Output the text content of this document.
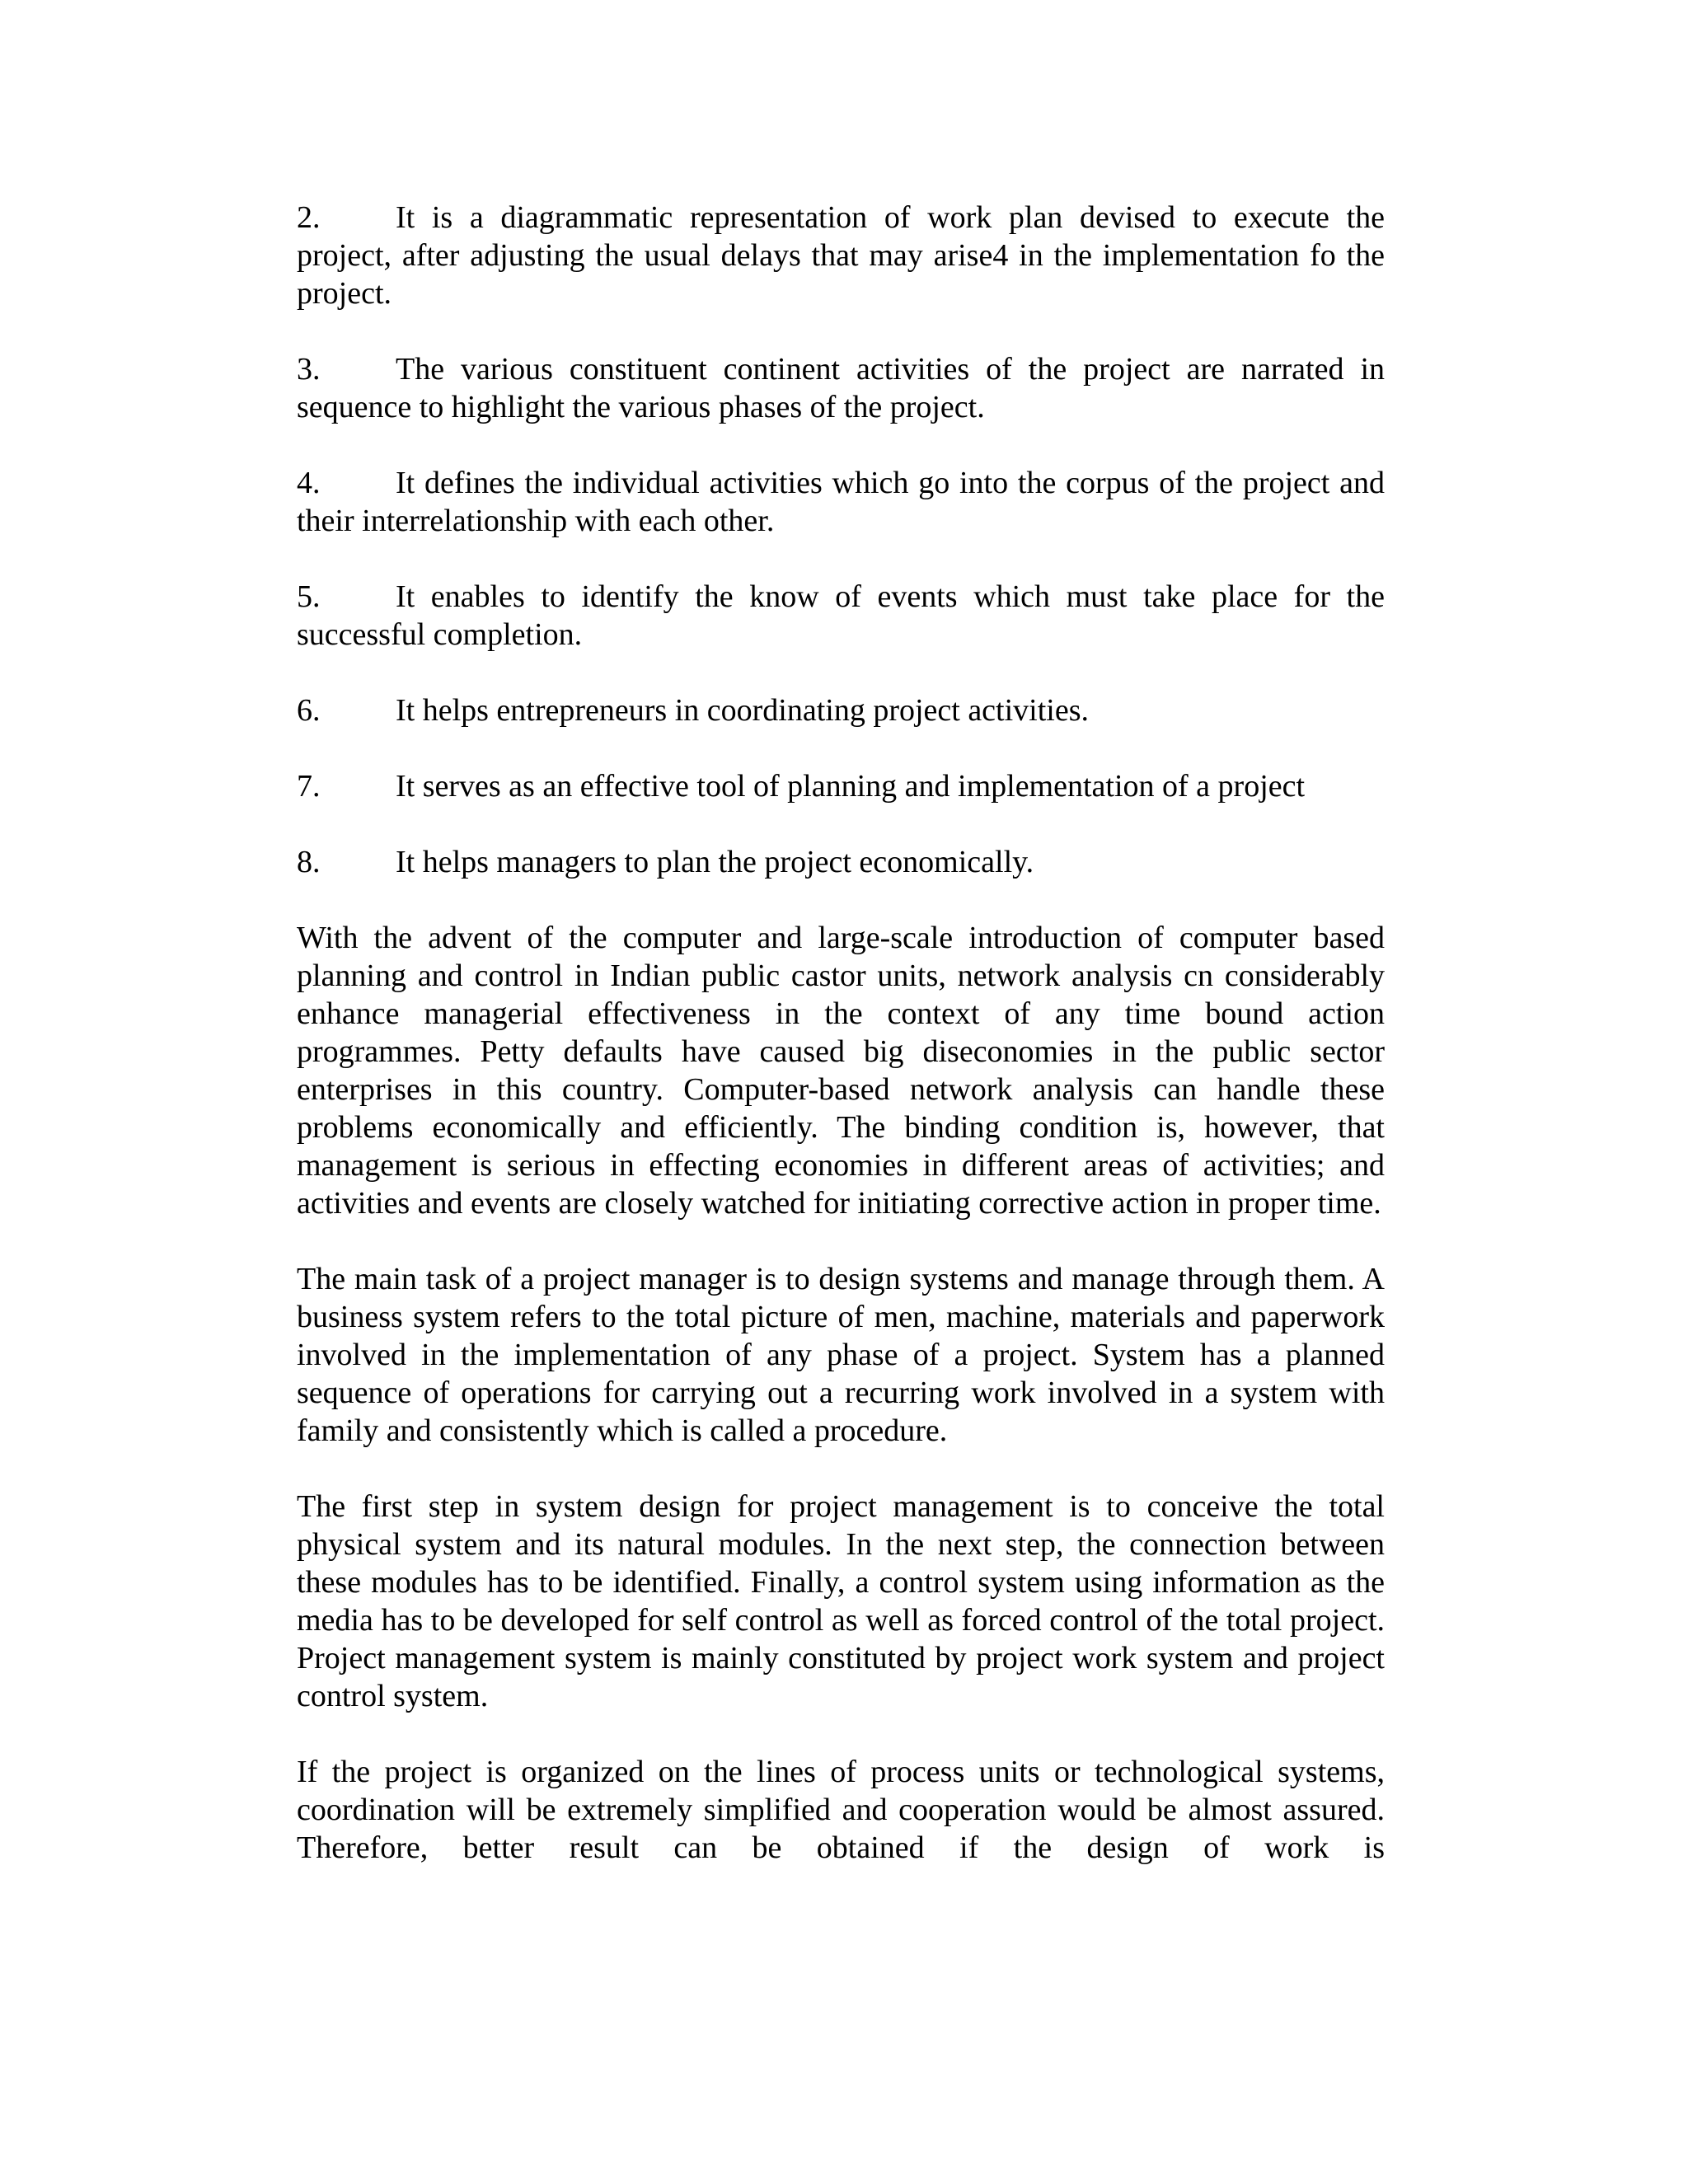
2. It is a diagrammatic representation of work plan devised to execute the project, after adjusting the usual delays that may arise4 in the implementation fo the project.
3. The various constituent continent activities of the project are narrated in sequence to highlight the various phases of the project.
4. It defines the individual activities which go into the corpus of the project and their interrelationship with each other.
5. It enables to identify the know of events which must take place for the successful completion.
6.	It helps entrepreneurs in coordinating project activities.
7.	It serves as an effective tool of planning and implementation of a project
8.	It helps managers to plan the project economically.

With the advent of the computer and large-scale introduction of computer based planning and control in Indian public castor units, network analysis cn considerably enhance managerial effectiveness in the context of any time bound action programmes. Petty defaults have caused big diseconomies in the public sector enterprises in this country. Computer-based network analysis can handle these problems economically and efficiently. The binding condition is, however, that management is serious in effecting economies in different areas of activities; and activities and events are closely watched for initiating corrective action in proper time.

The main task of a project manager is to design systems and manage through them. A business system refers to the total picture of men, machine, materials and paperwork involved in the implementation of any phase of a project. System has a planned sequence of operations for carrying out a recurring work involved in a system with family and consistently which is called a procedure.

The first step in system design for project management is to conceive the total physical system and its natural modules. In the next step, the connection between these modules has to be identified. Finally, a control system using information as the media has to be developed for self control as well as forced control of the total project. Project management system is mainly constituted by project work system and project control system.

If the project is organized on the lines of process units or technological systems, coordination will be extremely simplified and cooperation would be almost assured. Therefore, better result can be obtained if the design of work is
